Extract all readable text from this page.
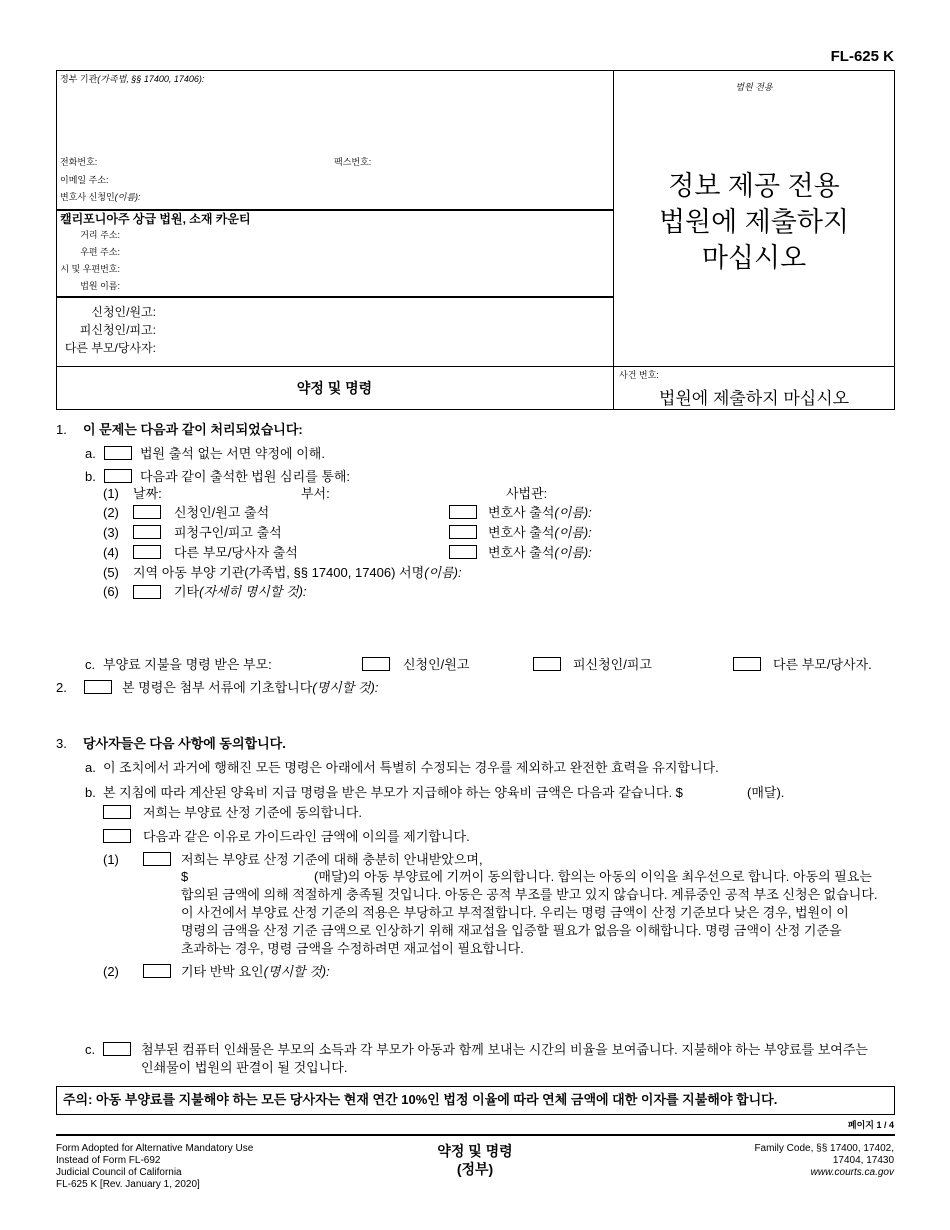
FL-625 K
정부 기관(가족법, §§ 17400, 17406):
전화번호:	팩스번호:
이메일 주소:
변호사 신청인(이름):
캘리포니아주 상급 법원, 소재 카운티
거리 주소:
우편 주소:
시 및 우편번호:
법원 이름:
신청인/원고:
피신청인/피고:
다른 부모/당사자:
약정 및 명령
법원 전용
정보 제공 전용
법원에 제출하지
마십시오
사건 번호:
법원에 제출하지 마십시오
1. 이 문제는 다음과 같이 처리되었습니다:
a.	법원 출석 없는 서면 약정에 이해.
b.	다음과 같이 출석한 법원 심리를 통해:
(1) 날짜:	부서:	사법관:
(2)	신청인/원고 출석	변호사 출석(이름):
(3)	피청구인/피고 출석	변호사 출석(이름):
(4)	다른 부모/당사자 출석	변호사 출석(이름):
(5) 지역 아동 부양 기관(가족법, §§ 17400, 17406) 서명(이름):
(6)	기타(자세히 명시할 것):
c. 부양료 지불을 명령 받은 부모:	신청인/원고	피신청인/피고	다른 부모/당사자.
2.	본 명령은 첨부 서류에 기초합니다(명시할 것):
3. 당사자들은 다음 사항에 동의합니다.
a. 이 조치에서 과거에 행해진 모든 명령은 아래에서 특별히 수정되는 경우를 제외하고 완전한 효력을 유지합니다.
b. 본 지침에 따라 계산된 양육비 지급 명령을 받은 부모가 지급해야 하는 양육비 금액은 다음과 같습니다. $	(매달).
저희는 부양료 산정 기준에 동의합니다.
다음과 같은 이유로 가이드라인 금액에 이의를 제기합니다.
(1)	저희는 부양료 산정 기준에 대해 충분히 안내받았으며,
$	(매달)의 아동 부양료에 기꺼이 동의합니다. 합의는 아동의 이익을 최우선으로 합니다. 아동의 필요는
합의된 금액에 의해 적절하게 충족될 것입니다. 아동은 공적 부조를 받고 있지 않습니다. 계류중인 공적 부조 신청은 없습니다.
이 사건에서 부양료 산정 기준의 적용은 부당하고 부적절합니다. 우리는 명령 금액이 산정 기준보다 낮은 경우, 법원이 이
명령의 금액을 산정 기준 금액으로 인상하기 위해 재교섭을 입증할 필요가 없음을 이해합니다. 명령 금액이 산정 기준을
초과하는 경우, 명령 금액을 수정하려면 재교섭이 필요합니다.
(2)	기타 반박 요인(명시할 것):
c.	첨부된 컴퓨터 인쇄물은 부모의 소득과 각 부모가 아동과 함께 보내는 시간의 비율을 보여줍니다. 지불해야 하는 부양료를 보여주는
인쇄물이 법원의 판결이 될 것입니다.
주의: 아동 부양료를 지불해야 하는 모든 당사자는 현재 연간 10%인 법정 이율에 따라 연체 금액에 대한 이자를 지불해야 합니다.
페이지 1 / 4
Form Adopted for Alternative Mandatory Use
Instead of Form FL-692
Judicial Council of California
FL-625 K [Rev. January 1, 2020]
약정 및 명령
(정부)
Family Code, §§ 17400, 17402,
17404, 17430
www.courts.ca.gov
